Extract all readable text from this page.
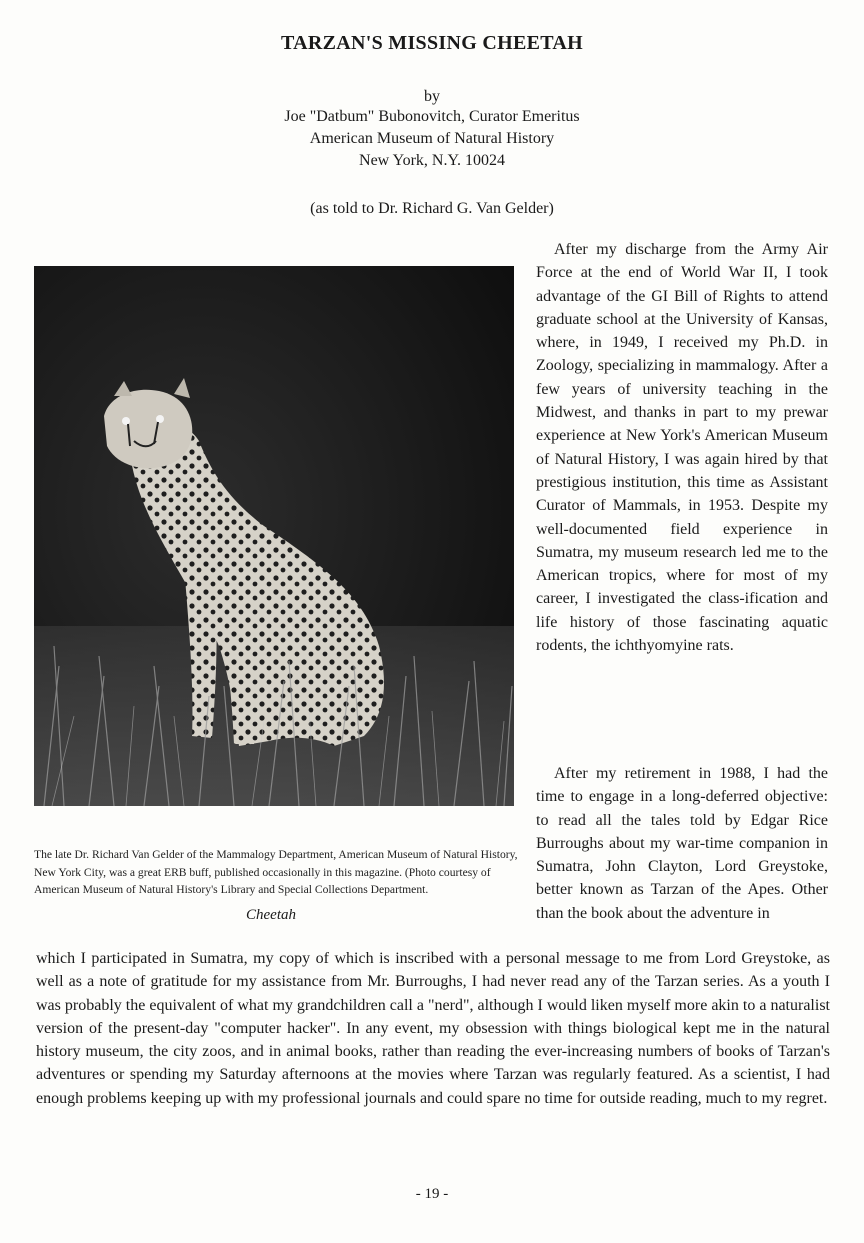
TARZAN'S MISSING CHEETAH
by
Joe "Datbum" Bubonovitch, Curator Emeritus
American Museum of Natural History
New York, N.Y. 10024
(as told to Dr. Richard G. Van Gelder)
The late Dr. Richard Van Gelder of the Mammalogy Department, American Museum of Natural History, New York City, was a great ERB buff, published occasionally in this magazine. (Photo courtesy of American Museum of Natural History's Library and Special Collections Department.
Cheetah

After my discharge from the Army Air Force at the end of World War II, I took advantage of the GI Bill of Rights to attend graduate school at the University of Kansas, where, in 1949, I received my Ph.D. in Zoology, specializing in mammalogy. After a few years of university teaching in the Midwest, and thanks in part to my prewar experience at New York's American Museum of Natural History, I was again hired by that prestigious institution, this time as Assistant Curator of Mammals, in 1953. Despite my well-documented field experience in Sumatra, my museum research led me to the American tropics, where for most of my career, I investigated the class-ification and life history of those fascinating aquatic rodents, the ichthyomyine rats.

After my retirement in 1988, I had the time to engage in a long-deferred objective: to read all the tales told by Edgar Rice Burroughs about my war-time companion in Sumatra, John Clayton, Lord Greystoke, better known as Tarzan of the Apes. Other than the book about the adventure in

which I participated in Sumatra, my copy of which is inscribed with a personal message to me from Lord Greystoke, as well as a note of gratitude for my assistance from Mr. Burroughs, I had never read any of the Tarzan series. As a youth I was probably the equivalent of what my grandchildren call a "nerd", although I would liken myself more akin to a naturalist version of the present-day "computer hacker". In any event, my obsession with things biological kept me in the natural history museum, the city zoos, and in animal books, rather than reading the ever-increasing numbers of books of Tarzan's adventures or spending my Saturday afternoons at the movies where Tarzan was regularly featured. As a scientist, I had enough problems keeping up with my professional journals and could spare no time for outside reading, much to my regret.

- 19 -
